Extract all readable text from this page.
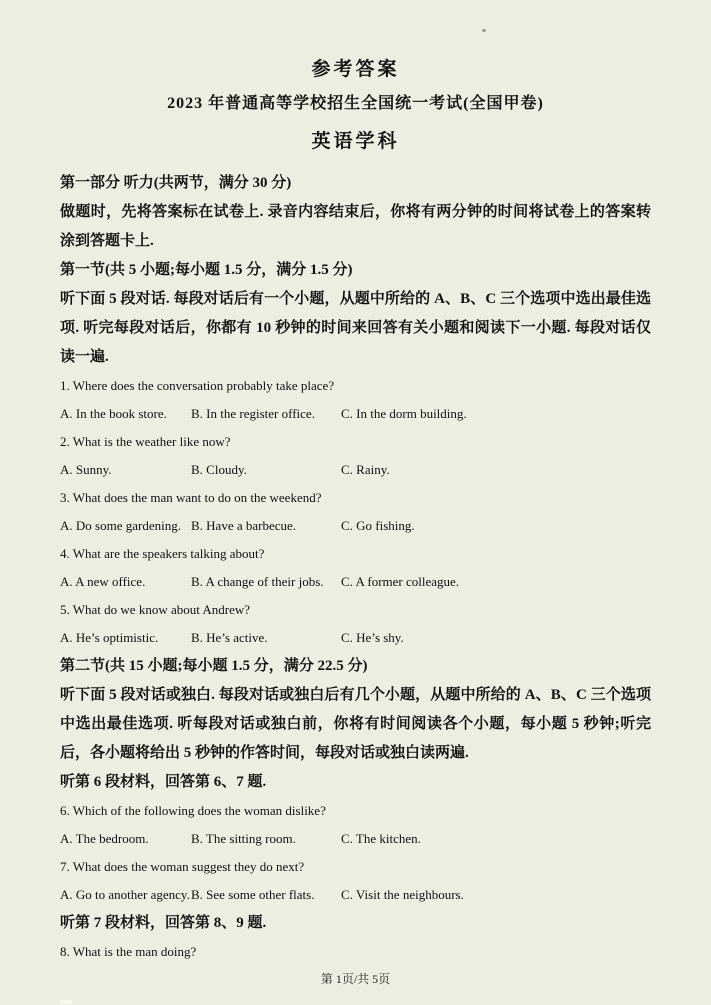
参考答案
2023 年普通高等学校招生全国统一考试(全国甲卷)
英语学科

第一部分 听力(共两节，满分 30 分)

做题时，先将答案标在试卷上. 录音内容结束后，你将有两分钟的时间将试卷上的答案转涂到答题卡上.

第一节(共 5 小题;每小题 1.5 分，满分 1.5 分)

听下面 5 段对话. 每段对话后有一个小题，从题中所给的 A、B、C 三个选项中选出最佳选项. 听完每段对话后，你都有 10 秒钟的时间来回答有关小题和阅读下一小题. 每段对话仅读一遍.

1. Where does the conversation probably take place?

A. In the book store. B. In the register office. C. In the dorm building.

2. What is the weather like now?

A. Sunny.	B. Cloudy.	C. Rainy.

3. What does the man want to do on the weekend?

A. Do some gardening. B. Have a barbecue.	C. Go fishing.

4. What are the speakers talking about?

A. A new office.	B. A change of their jobs. C. A former colleague.

5. What do we know about Andrew?

A. He’s optimistic.	B. He’s active.	C. He’s shy.

第二节(共 15 小题;每小题 1.5 分，满分 22.5 分)

听下面 5 段对话或独白. 每段对话或独白后有几个小题，从题中所给的 A、B、C 三个选项中选出最佳选项. 听每段对话或独白前，你将有时间阅读各个小题，每小题 5 秒钟;听完后，各小题将给出 5 秒钟的作答时间，每段对话或独白读两遍.

听第 6 段材料，回答第 6、7 题.

6. Which of the following does the woman dislike?

A. The bedroom.	B. The sitting room.	C. The kitchen.

7. What does the woman suggest they do next?

A. Go to another agency.B. See some other flats. C. Visit the neighbours.

听第 7 段材料，回答第 8、9 题.

8. What is the man doing?

第 1页/共 5页
